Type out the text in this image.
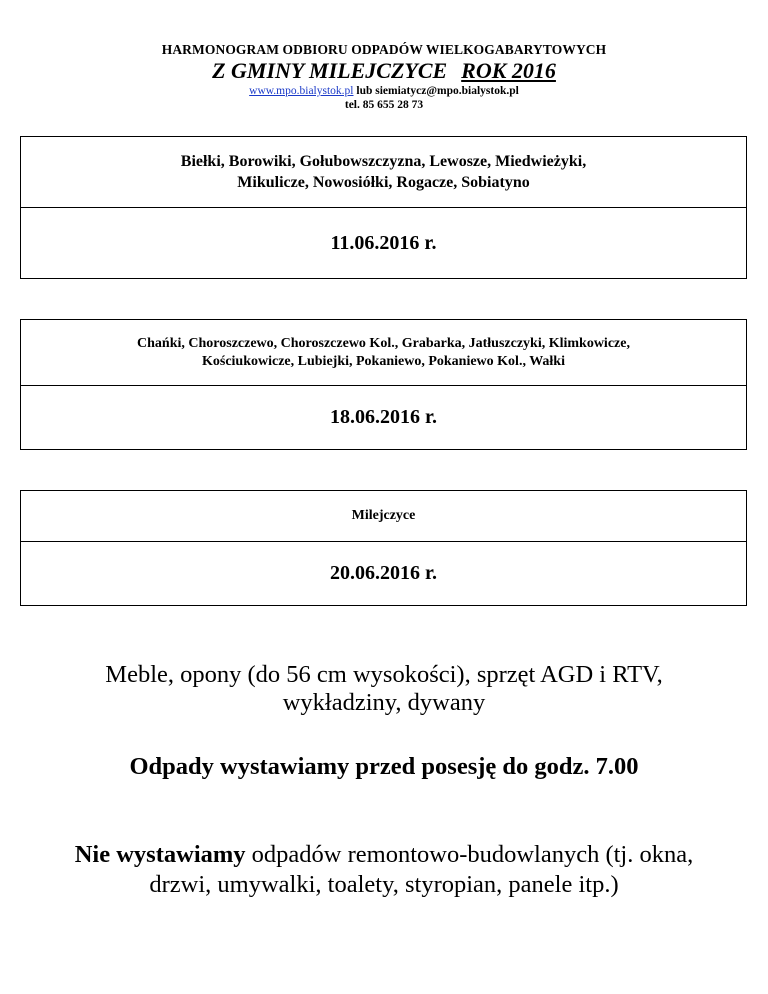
HARMONOGRAM ODBIORU ODPADÓW WIELKOGABARYTOWYCH
Z GMINY MILEJCZYCE ROK 2016
www.mpo.bialystok.pl lub siemiatycz@mpo.bialystok.pl
tel. 85 655 28 73
Biełki, Borowiki, Gołubowszczyzna, Lewosze, Miedwieżyki,
Mikulicze, Nowosiółki, Rogacze, Sobiatyno
11.06.2016 r.
Chańki, Choroszczewo, Choroszczewo Kol., Grabarka, Jatłuszczyki, Klimkowicze,
Kościukowicze, Lubiejki, Pokaniewo, Pokaniewo Kol., Wałki
18.06.2016 r.
Milejczyce
20.06.2016 r.
Meble, opony (do 56 cm wysokości), sprzęt AGD i RTV,
wykładziny, dywany
Odpady wystawiamy przed posesję do godz. 7.00
Nie wystawiamy odpadów remontowo-budowlanych (tj. okna,
drzwi, umywalki, toalety, styropian, panele itp.)
